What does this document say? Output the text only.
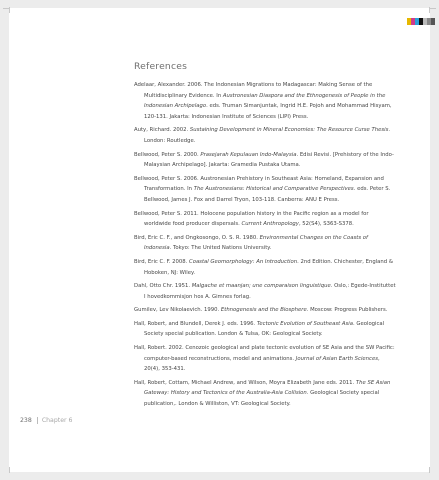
References
Adelaar, Alexander. 2006. The Indonesian Migrations to Madagascar: Making Sense of the Multidisciplinary Evidence. In Austronesian Diaspora and the Ethnogenesis of People in the Indonesian Archipelago. eds. Truman Simanjuntak, Ingrid H.E. Pojoh and Mohammad Hisyam, 120-131. Jakarta: Indonesian Institute of Sciences (LIPI) Press.
Auty, Richard. 2002. Sustaining Development in Mineral Economies: The Resource Curse Thesis. London: Routledge.
Bellwood, Peter S. 2000. Prasejarah Kepulauan Indo-Malaysia. Edisi Revisi. [Prehistory of the Indo-Malaysian Archipelago]. Jakarta: Gramedia Pustaka Utama.
Bellwood, Peter S. 2006. Austronesian Prehistory in Southeast Asia: Homeland, Expansion and Transformation. In The Austronesians: Historical and Comparative Perspectives. eds. Peter S. Bellwood, James J. Fox and Darrel Tryon, 103-118. Canberra: ANU E Press.
Bellwood, Peter S. 2011. Holocene population history in the Pacific region as a model for worldwide food producer dispersals. Current Anthropology, 52(S4), S363-S378.
Bird, Eric C. F., and Ongkosongo, O. S. R. 1980. Environmental Changes on the Coasts of Indonesia. Tokyo: The United Nations University.
Bird, Eric C. F. 2008. Coastal Geomorphology: An Introduction. 2nd Edition. Chichester, England & Hoboken, NJ: Wiley.
Dahl, Otto Chr. 1951. Malgache et maanjan; une comparaison linguistique. Oslo,: Egede-Instituttet I hovedkommisjon hos A. Gimnes forlag.
Gumilev, Lev Nikolaevich. 1990. Ethnogenesis and the Biosphere. Moscow: Progress Publishers.
Hall, Robert, and Blundell, Derek J. eds. 1996. Tectonic Evolution of Southeast Asia. Geological Society special publication. London & Tulsa, OK: Geological Society.
Hall, Robert. 2002. Cenozoic geological and plate tectonic evolution of SE Asia and the SW Pacific: computer-based reconstructions, model and animations. Journal of Asian Earth Sciences, 20(4), 353-431.
Hall, Robert, Cottam, Michael Andrew, and Wilson, Moyra Elizabeth Jane eds. 2011. The SE Asian Gateway: History and Tectonics of the Australia-Asia Collision. Geological Society special publication,. London & Williston, VT: Geological Society.
238 Chapter 6
